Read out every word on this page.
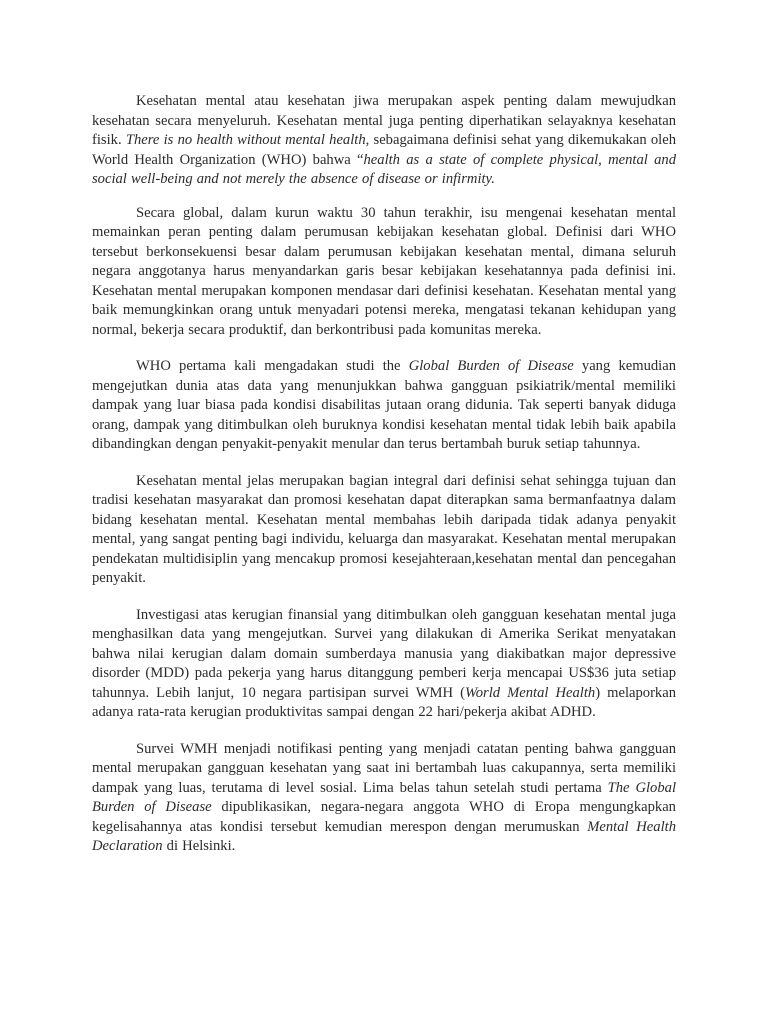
Kesehatan mental atau kesehatan jiwa merupakan aspek penting dalam mewujudkan kesehatan secara menyeluruh. Kesehatan mental juga penting diperhatikan selayaknya kesehatan fisik. There is no health without mental health, sebagaimana definisi sehat yang dikemukakan oleh World Health Organization (WHO) bahwa “health as a state of complete physical, mental and social well-being and not merely the absence of disease or infirmity.

Secara global, dalam kurun waktu 30 tahun terakhir, isu mengenai kesehatan mental memainkan peran penting dalam perumusan kebijakan kesehatan global. Definisi dari WHO tersebut berkonsekuensi besar dalam perumusan kebijakan kesehatan mental, dimana seluruh negara anggotanya harus menyandarkan garis besar kebijakan kesehatannya pada definisi ini. Kesehatan mental merupakan komponen mendasar dari definisi kesehatan. Kesehatan mental yang baik memungkinkan orang untuk menyadari potensi mereka, mengatasi tekanan kehidupan yang normal, bekerja secara produktif, dan berkontribusi pada komunitas mereka.

WHO pertama kali mengadakan studi the Global Burden of Disease yang kemudian mengejutkan dunia atas data yang menunjukkan bahwa gangguan psikiatrik/mental memiliki dampak yang luar biasa pada kondisi disabilitas jutaan orang didunia. Tak seperti banyak diduga orang, dampak yang ditimbulkan oleh buruknya kondisi kesehatan mental tidak lebih baik apabila dibandingkan dengan penyakit-penyakit menular dan terus bertambah buruk setiap tahunnya.

Kesehatan mental jelas merupakan bagian integral dari definisi sehat sehingga tujuan dan tradisi kesehatan masyarakat dan promosi kesehatan dapat diterapkan sama bermanfaatnya dalam bidang kesehatan mental. Kesehatan mental membahas lebih daripada tidak adanya penyakit mental, yang sangat penting bagi individu, keluarga dan masyarakat. Kesehatan mental merupakan pendekatan multidisiplin yang mencakup promosi kesejahteraan,kesehatan mental dan pencegahan penyakit.

Investigasi atas kerugian finansial yang ditimbulkan oleh gangguan kesehatan mental juga menghasilkan data yang mengejutkan. Survei yang dilakukan di Amerika Serikat menyatakan bahwa nilai kerugian dalam domain sumberdaya manusia yang diakibatkan major depressive disorder (MDD) pada pekerja yang harus ditanggung pemberi kerja mencapai US$36 juta setiap tahunnya. Lebih lanjut, 10 negara partisipan survei WMH (World Mental Health) melaporkan adanya rata-rata kerugian produktivitas sampai dengan 22 hari/pekerja akibat ADHD.

Survei WMH menjadi notifikasi penting yang menjadi catatan penting bahwa gangguan mental merupakan gangguan kesehatan yang saat ini bertambah luas cakupannya, serta memiliki dampak yang luas, terutama di level sosial. Lima belas tahun setelah studi pertama The Global Burden of Disease dipublikasikan, negara-negara anggota WHO di Eropa mengungkapkan kegelisahannya atas kondisi tersebut kemudian merespon dengan merumuskan Mental Health Declaration di Helsinki.
